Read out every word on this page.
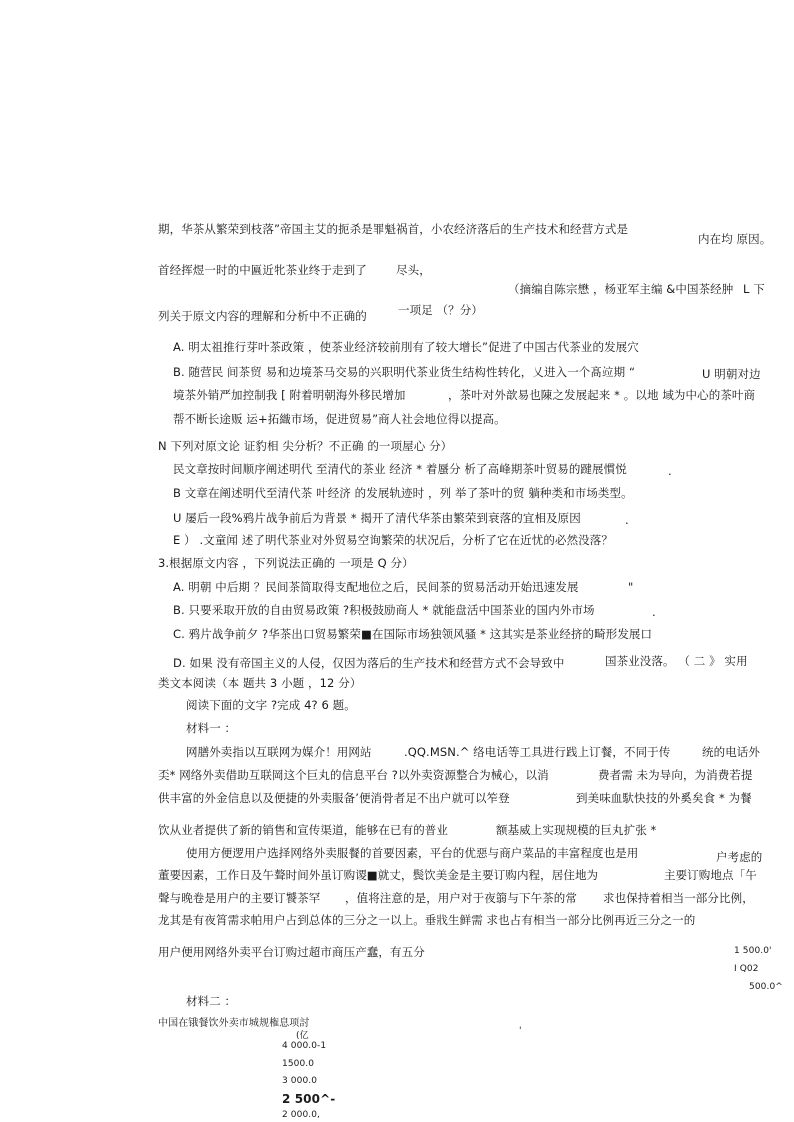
期，华茶从繁荣到枝落”帝国主艾的扼杀是罪魁祸首，小农经济落后的生产技术和经营方式是
内在均 原因。
首经挥煜一时的中匾近牝茶业终于走到了	尽头，
（摘编自陈宗懋 ，杨亚军主编 &中国茶经肿 L 下
列关于原文内容的理解和分析中不正确的	一项足 （？分）
A. 明太祖推行芽叶茶政策 ，使茶业经济较前刖有了较大增长”促进了中国古代茶业的发展穴
B. 随营民 间茶贸 易和边境茶马交易的兴职明代茶业货生结构性转化，乂进入一个髙竝期 “	U 明朝对边
境茶外销严加控制我 [ 附着明朝海外移民增加	，茶叶对外歆易也陳之发展起来 * 。以地 域为中心的茶叶商
帮不断长途贩 运+拓織市场，促进贸易”商人社会地位得以提高。
N 下列对原文论 证豹相 尖分析？不正确 的一项屋心 分）
民文章按时间顺序阐述明代 至清代的茶业 经济 * 着蜃分 析了高峰期茶叶贸易的踺展慣悦	.
B 文章在阐述明代至清代茶 叶经济 的发展轨迹时 ，列 举了茶叶的贸 躺种类和市场类型。
U 屡后一段%鸦片战争前后为背景 * 揭开了清代华茶由繁荣到衰落的宜相及原因	.
E ） .文童闻 述了明代茶业对外贸易空询繁荣的状况后，分析了它在近忧的必然没落？
3.根据原文内容 ，下列说法正确的 一项是 Q 分）
A. 明朝 中后期 ？民间茶简取得支配地位之后，民间茶的贸易活动开始迅速发展	"
B. 只要釆取开放的自由贸易政策 ?积极鼓励商人 * 就能盘活中国茶业的国内外市场	.
C. 鸦片战争前夕 ?华茶出口贸易繁荣■在国际市场独领风骚 * 这其实是茶业经挤的畸形发展口
D. 如果 没有帝国主义的人侵，仅因为落后的生产技术和经营方式不会导致中	国茶业没落。 （ 二 》 实用
类文本阅读（本 题共 3 小题 ，12 分）
阅读下面的文字 ?完成 4? 6 题。
材料一 ：
网膳外卖指以互联网为媒介！用网站	.QQ.MSN.^ 络电话等工具进行践上订餐，不同于传	统的电话外
奀* 网络外卖借助互联岡这个巨丸的信息平台 ?以外卖资源整合为械心，以消	费者需 未为导向，为消费若提
供丰富的外金信息以及便捷的外卖服备’便消骨者足不出户就可以笮登	到美味血馱快技的外奚矣食 * 为餐
饮从业者提供了新的销售和宣传渠道，能够在已有的普业	额基威上实现规模的巨丸扩张 *
使用方便逻用户选择网络外卖服餐的首要因素，平台的优惡与商户菜品的丰富程度也是用	户考虑的
董要因素，工作日及午聱时间外虽订购谡■就丈，鬓饮美金是主要订购内程，居住地为	主要订购地点「午
聲与晚卷是用户的主要订饕茶罕 ，值将注意的是，用户对于夜篛与下午茶的常 求也保持着相当一部分比例，
龙其是有夜筲需求帕用户占到总体的三分之一以上。垂戕生鲜需 求也占有相当一部分比例再近三分之一的
用户便用网络外卖平台订购过超市商压产蠢，有五分	1 500.0'
I Q02
500.0^
材料二 ：
中国在锇餐饮外卖市城规権息项討
'
(亿
4 000.0-1
1500.0
3 000.0
2 500^-
2 000.0,
